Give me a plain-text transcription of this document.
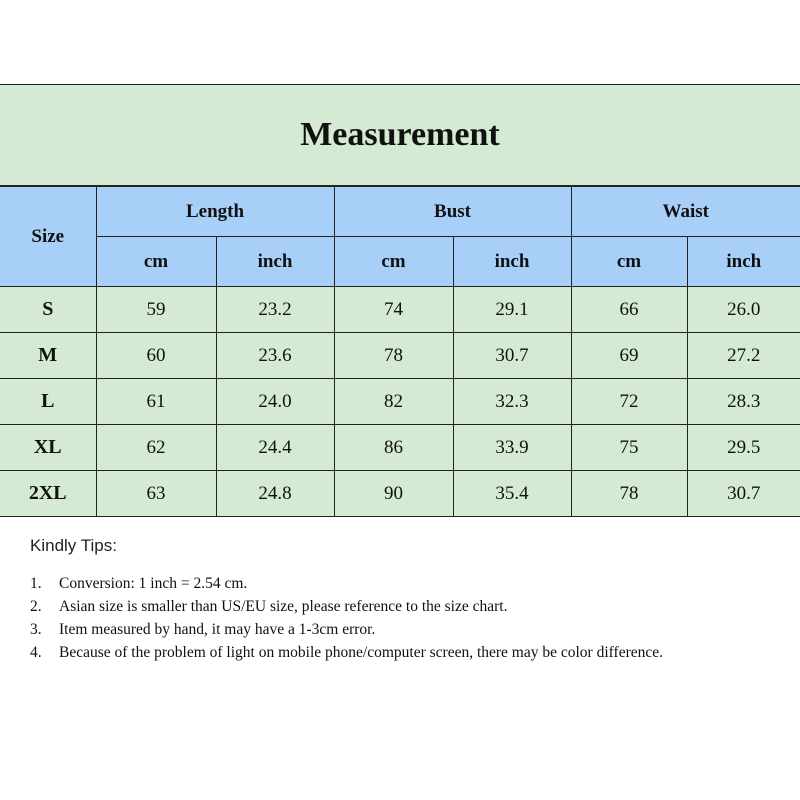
Measurement
Size	Length		Bust		Waist	
	cm	inch	cm	inch	cm	inch
S	59	23.2	74	29.1	66	26.0
M	60	23.6	78	30.7	69	27.2
L	61	24.0	82	32.3	72	28.3
XL	62	24.4	86	33.9	75	29.5
2XL	63	24.8	90	35.4	78	30.7
Kindly Tips:
1.	Conversion: 1 inch = 2.54 cm.
2.	Asian size is smaller than US/EU size, please reference to the size chart.
3.	Item measured by hand, it may have a 1-3cm error.
4.	Because of the problem of light on mobile phone/computer screen, there may be color difference.
